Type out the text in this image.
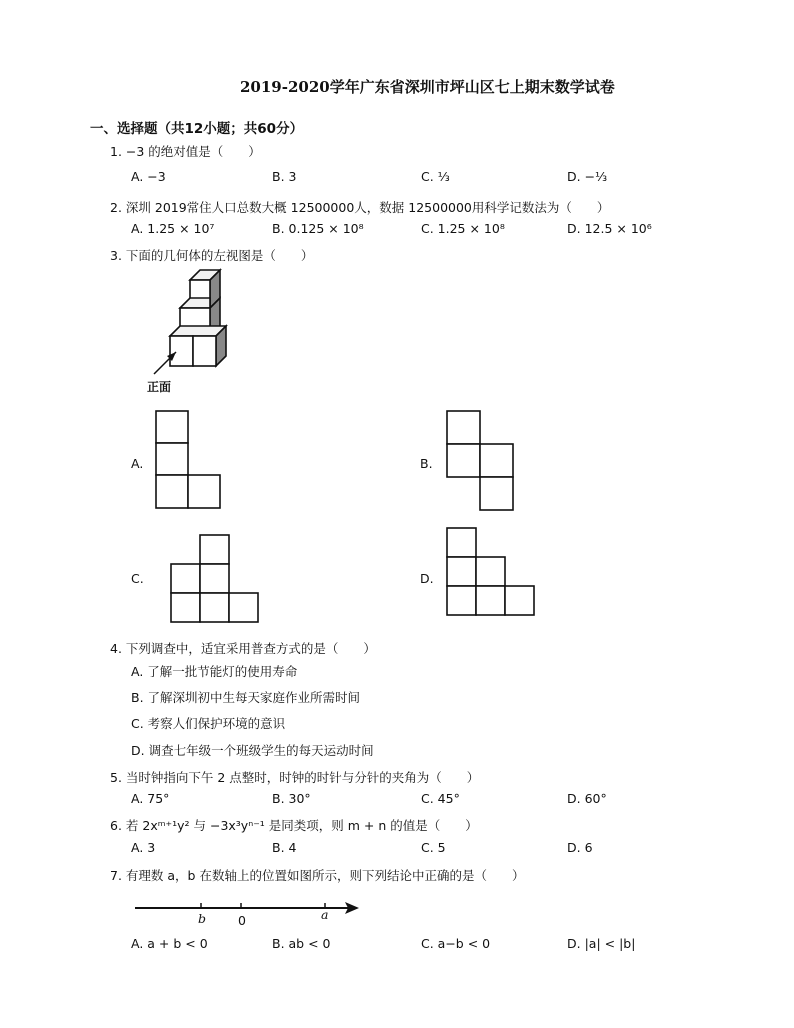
2019-2020学年广东省深圳市坪山区七上期末数学试卷
一、选择题（共12小题；共60分）
1. −3 的绝对值是（　　）
A. −3	B. 3	C. ⅓	D. −⅓
2. 深圳 2019常住人口总数大概 12500000人，数据 12500000用科学记数法为（　　）
A. 1.25 × 10⁷	B. 0.125 × 10⁸	C. 1.25 × 10⁸	D. 12.5 × 10⁶
3. 下面的几何体的左视图是（　　）
正面
A.	B.
C.	D.
4. 下列调查中，适宜采用普查方式的是（　　）
A. 了解一批节能灯的使用寿命
B. 了解深圳初中生每天家庭作业所需时间
C. 考察人们保护环境的意识
D. 调查七年级一个班级学生的每天运动时间
5. 当时钟指向下午 2 点整时，时钟的时针与分针的夹角为（　　）
A. 75°	B. 30°	C. 45°	D. 60°
6. 若 2xᵐ⁺¹y² 与 −3x³yⁿ⁻¹ 是同类项，则 m + n 的值是（　　）
A. 3	B. 4	C. 5	D. 6
7. 有理数 a，b 在数轴上的位置如图所示，则下列结论中正确的是（　　）
b	0	a
A. a + b < 0	B. ab < 0	C. a−b < 0	D. |a| < |b|
